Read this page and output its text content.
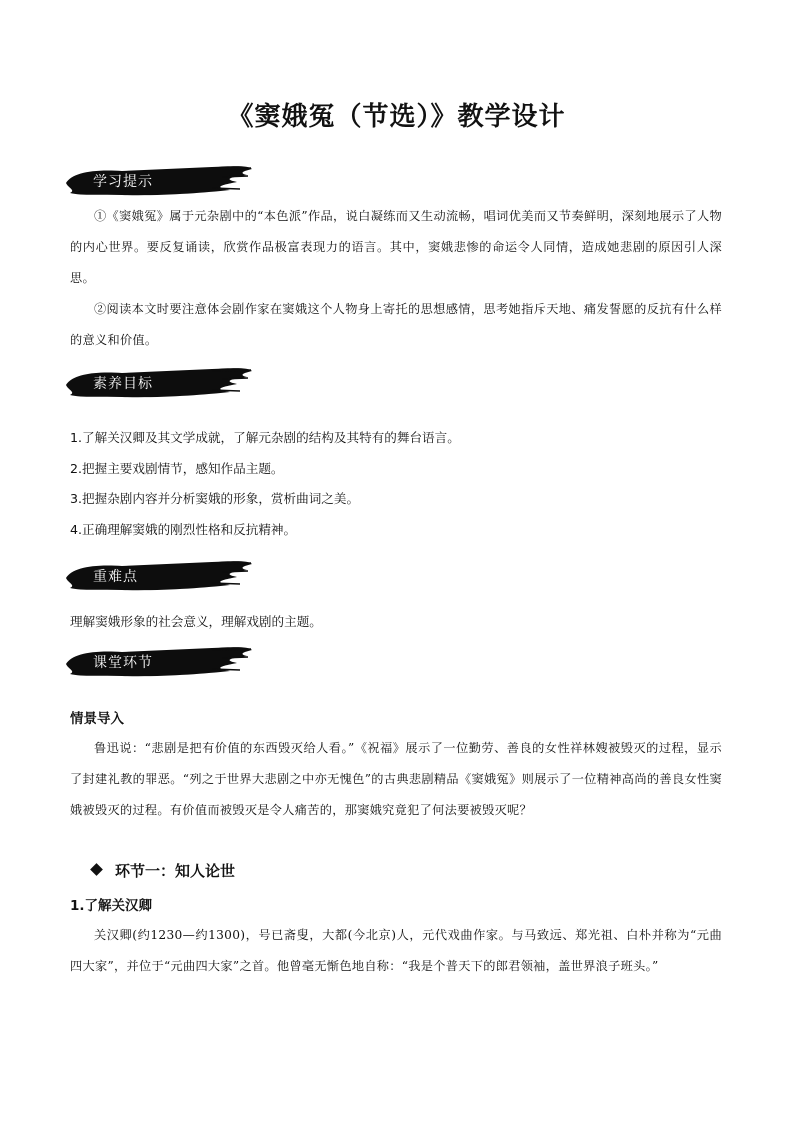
《窦娥冤（节选）》教学设计
学习提示

①《窦娥冤》属于元杂剧中的“本色派”作品，说白凝练而又生动流畅，唱词优美而又节奏鲜明，深刻地展示了人物的内心世界。要反复诵读，欣赏作品极富表现力的语言。其中，窦娥悲惨的命运令人同情，造成她悲剧的原因引人深思。

②阅读本文时要注意体会剧作家在窦娥这个人物身上寄托的思想感情，思考她指斥天地、痛发誓愿的反抗有什么样的意义和价值。

素养目标

1.了解关汉卿及其文学成就，了解元杂剧的结构及其特有的舞台语言。

2.把握主要戏剧情节，感知作品主题。

3.把握杂剧内容并分析窦娥的形象，赏析曲词之美。

4.正确理解窦娥的刚烈性格和反抗精神。

重难点

理解窦娥形象的社会意义，理解戏剧的主题。

课堂环节

情景导入

鲁迅说：“悲剧是把有价值的东西毁灭给人看。”《祝福》展示了一位勤劳、善良的女性祥林嫂被毁灭的过程，显示了封建礼教的罪恶。“列之于世界大悲剧之中亦无愧色”的古典悲剧精品《窦娥冤》则展示了一位精神高尚的善良女性窦娥被毁灭的过程。有价值而被毁灭是令人痛苦的，那窦娥究竟犯了何法要被毁灭呢？

环节一：知人论世

1.了解关汉卿

关汉卿(约1230—约1300)，号已斋叟，大都(今北京)人，元代戏曲作家。与马致远、郑光祖、白朴并称为“元曲四大家”，并位于“元曲四大家”之首。他曾毫无惭色地自称：“我是个普天下的郎君领袖，盖世界浪子班头。”
